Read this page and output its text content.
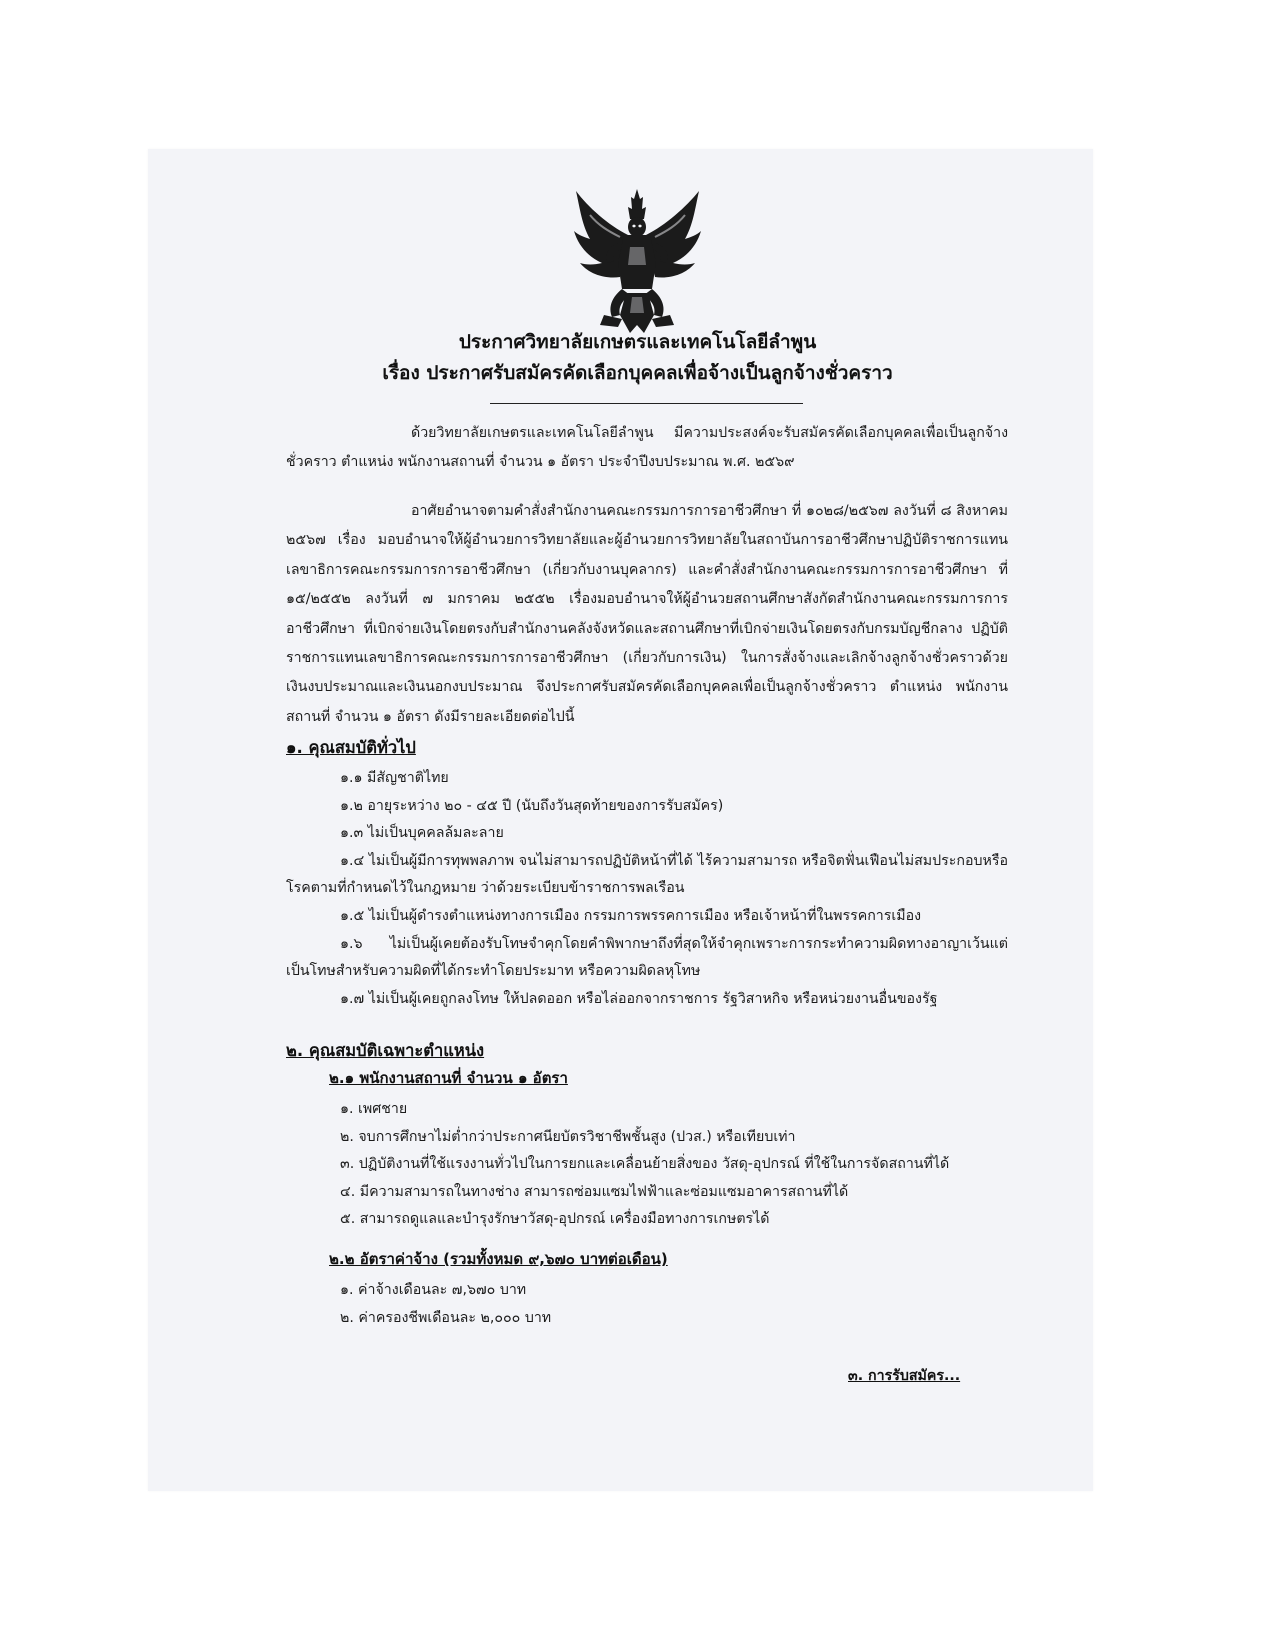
ประกาศวิทยาลัยเกษตรและเทคโนโลยีลำพูน
เรื่อง ประกาศรับสมัครคัดเลือกบุคคลเพื่อจ้างเป็นลูกจ้างชั่วคราว
ด้วยวิทยาลัยเกษตรและเทคโนโลยีลำพูน มีความประสงค์จะรับสมัครคัดเลือกบุคคลเพื่อเป็นลูกจ้างชั่วคราว ตำแหน่ง พนักงานสถานที่ จำนวน ๑ อัตรา ประจำปีงบประมาณ พ.ศ. ๒๕๖๙
อาศัยอำนาจตามคำสั่งสำนักงานคณะกรรมการการอาชีวศึกษา ที่ ๑๐๒๘/๒๕๖๗ ลงวันที่ ๘ สิงหาคม ๒๕๖๗ เรื่อง มอบอำนาจให้ผู้อำนวยการวิทยาลัยและผู้อำนวยการวิทยาลัยในสถาบันการอาชีวศึกษาปฏิบัติราชการแทนเลขาธิการคณะกรรมการการอาชีวศึกษา (เกี่ยวกับงานบุคลากร) และคำสั่งสำนักงานคณะกรรมการการอาชีวศึกษา ที่ ๑๕/๒๕๕๒ ลงวันที่ ๗ มกราคม ๒๕๕๒ เรื่องมอบอำนาจให้ผู้อำนวยสถานศึกษาสังกัดสำนักงานคณะกรรมการการอาชีวศึกษา ที่เบิกจ่ายเงินโดยตรงกับสำนักงานคลังจังหวัดและสถานศึกษาที่เบิกจ่ายเงินโดยตรงกับกรมบัญชีกลาง ปฏิบัติราชการแทนเลขาธิการคณะกรรมการการอาชีวศึกษา (เกี่ยวกับการเงิน) ในการสั่งจ้างและเลิกจ้างลูกจ้างชั่วคราวด้วยเงินงบประมาณและเงินนอกงบประมาณ จึงประกาศรับสมัครคัดเลือกบุคคลเพื่อเป็นลูกจ้างชั่วคราว ตำแหน่ง พนักงานสถานที่ จำนวน ๑ อัตรา ดังมีรายละเอียดต่อไปนี้
๑. คุณสมบัติทั่วไป
๑.๑ มีสัญชาติไทย
๑.๒ อายุระหว่าง ๒๐ - ๔๕ ปี (นับถึงวันสุดท้ายของการรับสมัคร)
๑.๓ ไม่เป็นบุคคลล้มละลาย
๑.๔ ไม่เป็นผู้มีการทุพพลภาพ จนไม่สามารถปฏิบัติหน้าที่ได้ ไร้ความสามารถ หรือจิตฟั่นเฟือนไม่สมประกอบหรือโรคตามที่กำหนดไว้ในกฎหมาย ว่าด้วยระเบียบข้าราชการพลเรือน
๑.๕ ไม่เป็นผู้ดำรงตำแหน่งทางการเมือง กรรมการพรรคการเมือง หรือเจ้าหน้าที่ในพรรคการเมือง
๑.๖ ไม่เป็นผู้เคยต้องรับโทษจำคุกโดยคำพิพากษาถึงที่สุดให้จำคุกเพราะการกระทำความผิดทางอาญาเว้นแต่เป็นโทษสำหรับความผิดที่ได้กระทำโดยประมาท หรือความผิดลหุโทษ
๑.๗ ไม่เป็นผู้เคยถูกลงโทษ ให้ปลดออก หรือไล่ออกจากราชการ รัฐวิสาหกิจ หรือหน่วยงานอื่นของรัฐ
๒. คุณสมบัติเฉพาะตำแหน่ง
๒.๑ พนักงานสถานที่ จำนวน ๑ อัตรา
๑. เพศชาย
๒. จบการศึกษาไม่ต่ำกว่าประกาศนียบัตรวิชาชีพชั้นสูง (ปวส.) หรือเทียบเท่า
๓. ปฏิบัติงานที่ใช้แรงงานทั่วไปในการยกและเคลื่อนย้ายสิ่งของ วัสดุ-อุปกรณ์ ที่ใช้ในการจัดสถานที่ได้
๔. มีความสามารถในทางช่าง สามารถซ่อมแซมไฟฟ้าและซ่อมแซมอาคารสถานที่ได้
๕. สามารถดูแลและบำรุงรักษาวัสดุ-อุปกรณ์ เครื่องมือทางการเกษตรได้
๒.๒ อัตราค่าจ้าง (รวมทั้งหมด ๙,๖๗๐ บาทต่อเดือน)
๑. ค่าจ้างเดือนละ ๗,๖๗๐ บาท
๒. ค่าครองชีพเดือนละ ๒,๐๐๐ บาท
๓. การรับสมัคร...
